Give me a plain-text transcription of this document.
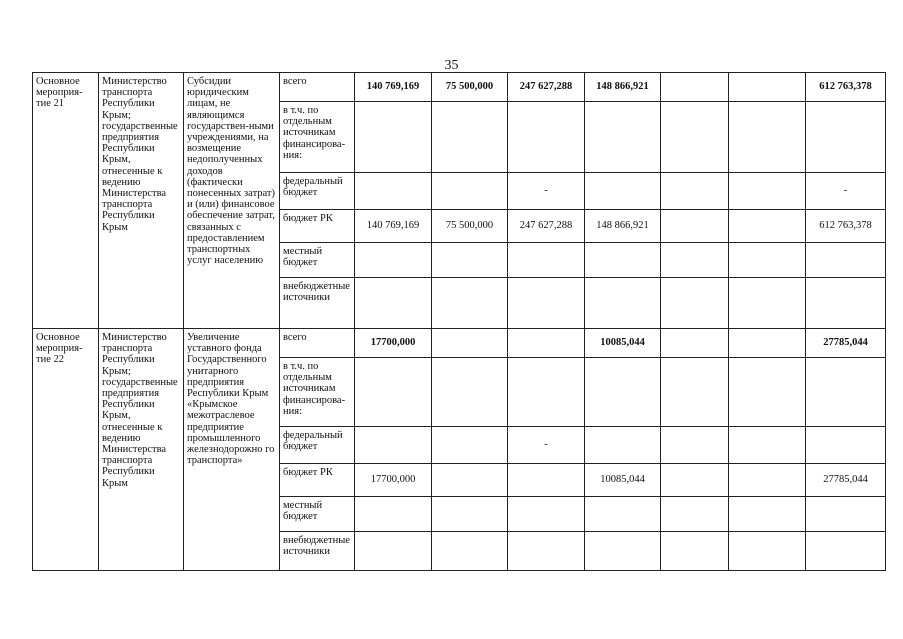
35
Основное мероприя-тие 21	Министерство транспорта Республики Крым; государственные предприятия Республики Крым, отнесенные к ведению Министерства транспорта Республики Крым	Субсидии юридическим лицам, не являющимся государствен-ными учреждениями, на возмещение недополученных доходов (фактически понесенных затрат) и (или) финансовое обеспечение затрат, связанных с предоставлением транспортных услуг населению	всего	140 769,169	75 500,000	247 627,288	148 866,921			612 763,378
			в т.ч. по отдельным источникам финансирова-ния:							
			федеральный бюджет			-				-
			бюджет РК	140 769,169	75 500,000	247 627,288	148 866,921			612 763,378
			местный бюджет							
			внебюджетные источники							
Основное мероприя-тие 22	Министерство транспорта Республики Крым; государственные предприятия Республики Крым, отнесенные к ведению Министерства транспорта Республики Крым	Увеличение уставного фонда Государственного унитарного предприятия Республики Крым «Крымское межотраслевое предприятие промышленного железнодорожно го транспорта»	всего	17700,000			10085,044			27785,044
			в т.ч. по отдельным источникам финансирова-ния:							
			федеральный бюджет			-				
			бюджет РК	17700,000			10085,044			27785,044
			местный бюджет							
			внебюджетные источники							
